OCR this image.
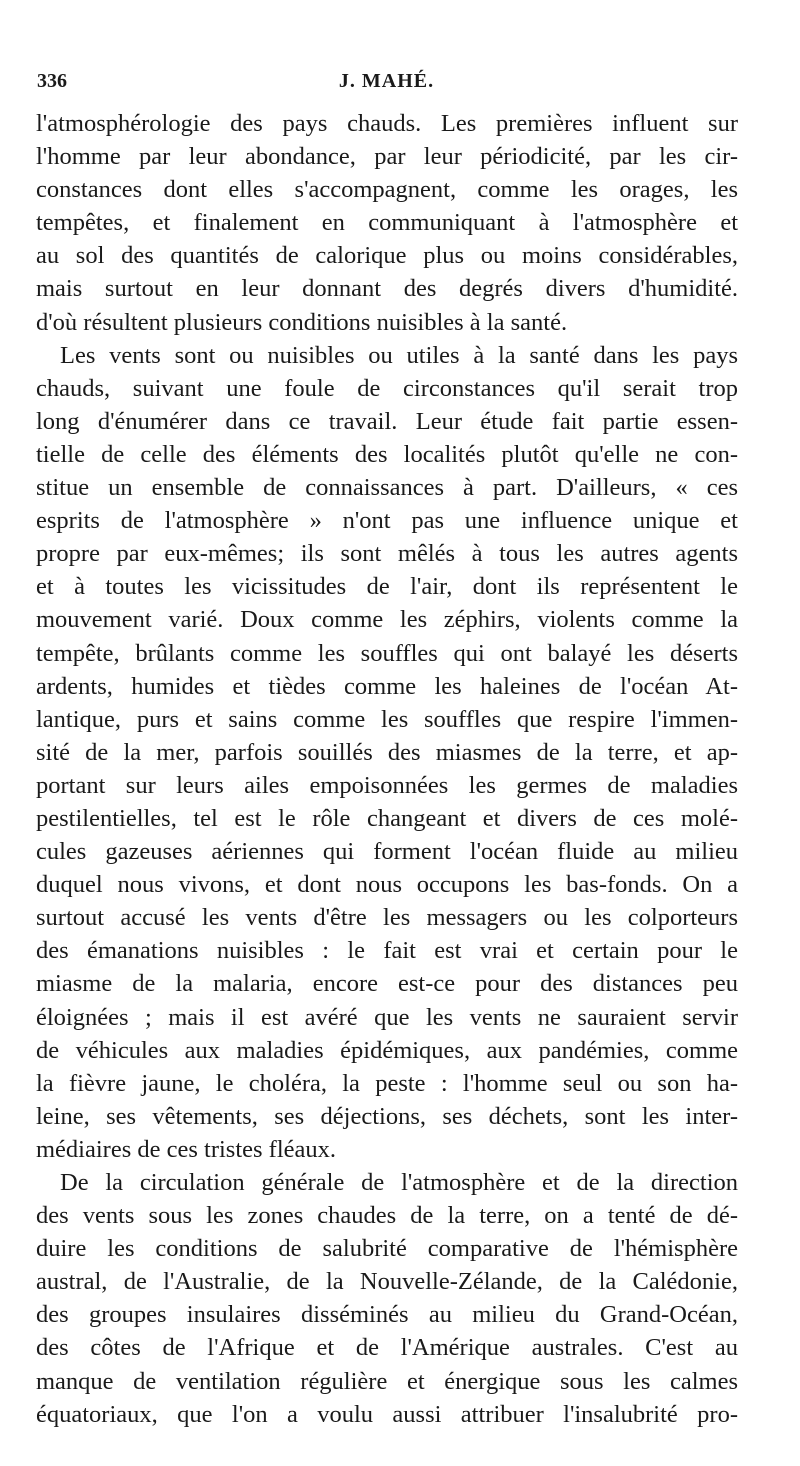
336	J. MAHÉ.
l'atmosphérologie des pays chauds. Les premières influent sur
l'homme par leur abondance, par leur périodicité, par les cir-
constances dont elles s'accompagnent, comme les orages, les
tempêtes, et finalement en communiquant à l'atmosphère et
au sol des quantités de calorique plus ou moins considérables,
mais surtout en leur donnant des degrés divers d'humidité.
d'où résultent plusieurs conditions nuisibles à la santé.
Les vents sont ou nuisibles ou utiles à la santé dans les pays
chauds, suivant une foule de circonstances qu'il serait trop
long d'énumérer dans ce travail. Leur étude fait partie essen-
tielle de celle des éléments des localités plutôt qu'elle ne con-
stitue un ensemble de connaissances à part. D'ailleurs, « ces
esprits de l'atmosphère » n'ont pas une influence unique et
propre par eux-mêmes; ils sont mêlés à tous les autres agents
et à toutes les vicissitudes de l'air, dont ils représentent le
mouvement varié. Doux comme les zéphirs, violents comme la
tempête, brûlants comme les souffles qui ont balayé les déserts
ardents, humides et tièdes comme les haleines de l'océan At-
lantique, purs et sains comme les souffles que respire l'immen-
sité de la mer, parfois souillés des miasmes de la terre, et ap-
portant sur leurs ailes empoisonnées les germes de maladies
pestilentielles, tel est le rôle changeant et divers de ces molé-
cules gazeuses aériennes qui forment l'océan fluide au milieu
duquel nous vivons, et dont nous occupons les bas-fonds. On a
surtout accusé les vents d'être les messagers ou les colporteurs
des émanations nuisibles : le fait est vrai et certain pour le
miasme de la malaria, encore est-ce pour des distances peu
éloignées ; mais il est avéré que les vents ne sauraient servir
de véhicules aux maladies épidémiques, aux pandémies, comme
la fièvre jaune, le choléra, la peste : l'homme seul ou son ha-
leine, ses vêtements, ses déjections, ses déchets, sont les inter-
médiaires de ces tristes fléaux.
De la circulation générale de l'atmosphère et de la direction
des vents sous les zones chaudes de la terre, on a tenté de dé-
duire les conditions de salubrité comparative de l'hémisphère
austral, de l'Australie, de la Nouvelle-Zélande, de la Calédonie,
des groupes insulaires disséminés au milieu du Grand-Océan,
des côtes de l'Afrique et de l'Amérique australes. C'est au
manque de ventilation régulière et énergique sous les calmes
équatoriaux, que l'on a voulu aussi attribuer l'insalubrité pro-
